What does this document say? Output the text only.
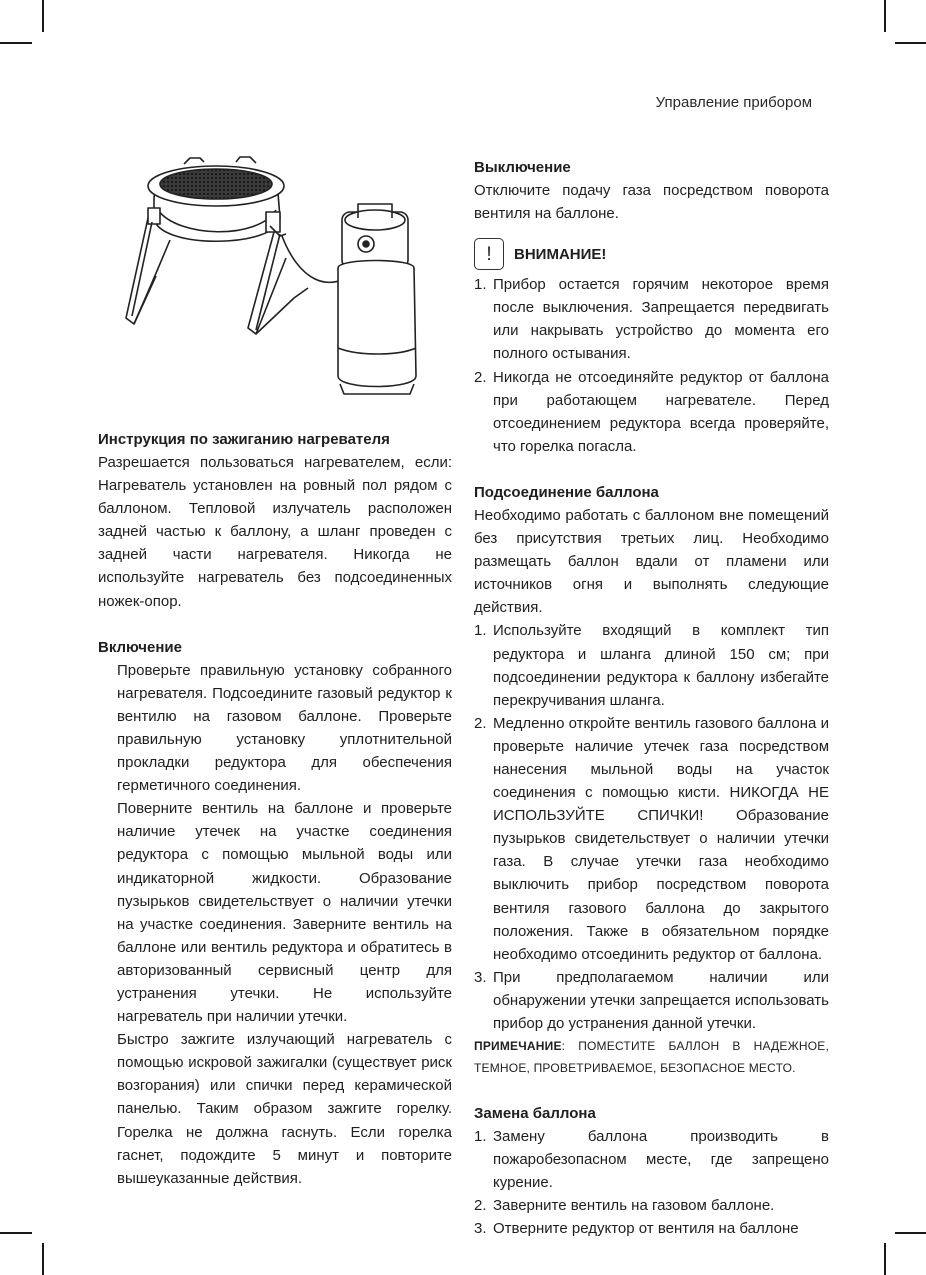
Управление прибором
Инструкция по зажиганию нагревателя

Разрешается пользоваться нагревателем, если: Нагреватель установлен на ровный пол рядом с баллоном. Тепловой излучатель расположен задней частью к баллону, а шланг проведен с задней части нагревателя. Никогда не используйте нагреватель без подсоединенных ножек-опор.

Включение

Проверьте правильную установку собранного нагревателя. Подсоедините газовый редуктор к вентилю на газовом баллоне. Проверьте правильную установку уплотнительной прокладки редуктора для обеспечения герметичного соединения.

Поверните вентиль на баллоне и проверьте наличие утечек на участке соединения редуктора с помощью мыльной воды или индикаторной жидкости. Образование пузырьков свидетельствует о наличии утечки на участке соединения. Заверните вентиль на баллоне или вентиль редуктора и обратитесь в авторизованный сервисный центр для устранения утечки. Не используйте нагреватель при наличии утечки.

Быстро зажгите излучающий нагреватель с помощью искровой зажигалки (существует риск возгорания) или спички перед керамической панелью. Таким образом зажгите горелку. Горелка не должна гаснуть. Если горелка гаснет, подождите 5 минут и повторите вышеуказанные действия.

Выключение

Отключите подачу газа посредством поворота вентиля на баллоне.

!	ВНИМАНИЕ!
1. Прибор остается горячим некоторое время после выключения. Запрещается передвигать или накрывать устройство до момента его полного остывания.
2. Никогда не отсоединяйте редуктор от баллона при работающем нагревателе. Перед отсоединением редуктора всегда проверяйте, что горелка погасла.
Подсоединение баллона

Необходимо работать с баллоном вне помещений без присутствия третьих лиц. Необходимо размещать баллон вдали от пламени или источников огня и выполнять следующие действия.

1. Используйте входящий в комплект тип редуктора и шланга длиной 150 см; при подсоединении редуктора к баллону избегайте перекручивания шланга.
2. Медленно откройте вентиль газового баллона и проверьте наличие утечек газа посредством нанесения мыльной воды на участок соединения с помощью кисти. НИКОГДА НЕ ИСПОЛЬЗУЙТЕ СПИЧКИ! Образование пузырьков свидетельствует о наличии утечки газа. В случае утечки газа необходимо выключить прибор посредством поворота вентиля газового баллона до закрытого положения. Также в обязательном порядке необходимо отсоединить редуктор от баллона.
3. При предполагаемом наличии или обнаружении утечки запрещается использовать прибор до устранения данной утечки.

ПРИМЕЧАНИЕ: ПОМЕСТИТЕ БАЛЛОН В НАДЕЖНОЕ, ТЕМНОЕ, ПРОВЕТРИВАЕМОЕ, БЕЗОПАСНОЕ МЕСТО.

Замена баллона
1. Замену баллона производить в пожаробезопасном месте, где запрещено курение.
2. Заверните вентиль на газовом баллоне.
3. Отверните редуктор от вентиля на баллоне
